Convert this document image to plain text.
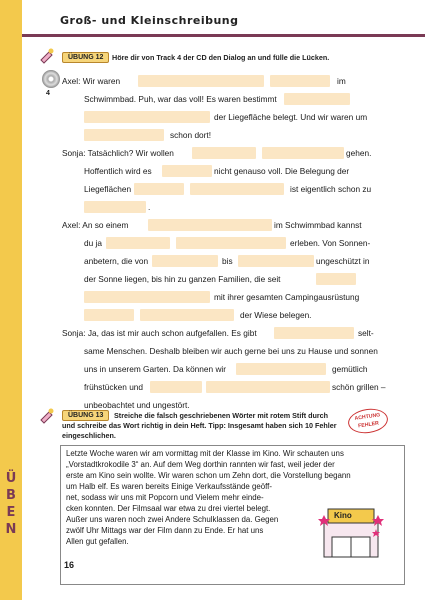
Ü
B
E
N
Groß- und Kleinschreibung
ÜBUNG 12	Höre dir von Track 4 der CD den Dialog an und fülle die Lücken.
4
Axel: Wir waren	im
Schwimmbad. Puh, war das voll! Es waren bestimmt
der Liegefläche belegt. Und wir waren um
schon dort!
Sonja: Tatsächlich? Wir wollen	gehen.
Hoffentlich wird es	nicht genauso voll. Die Belegung der
Liegeflächen	ist eigentlich schon zu
.
Axel: An so einem	im Schwimmbad kannst
du ja	erleben. Von Sonnen-
anbetern, die von	bis	ungeschützt in
der Sonne liegen, bis hin zu ganzen Familien, die seit
mit ihrer gesamten Campingausrüstung
der Wiese belegen.
Sonja: Ja, das ist mir auch schon aufgefallen. Es gibt	selt-
same Menschen. Deshalb bleiben wir auch gerne bei uns zu Hause und sonnen
uns in unserem Garten. Da können wir	gemütlich
frühstücken und	schön grillen –
unbeobachtet und ungestört.
ÜBUNG 13	Streiche die falsch geschriebenen Wörter mit rotem Stift durch
und schreibe das Wort richtig in dein Heft. Tipp: Insgesamt haben sich 10 Fehler
eingeschlichen.
ACHTUNG FEHLER
Letzte Woche waren wir am vormittag mit der Klasse im Kino. Wir schauten uns
„Vorstadtkrokodile 3“ an. Auf dem Weg dorthin rannten wir fast, weil jeder der
erste am Kino sein wollte. Wir waren schon um Zehn dort, die Vorstellung begann
um Halb elf. Es waren bereits Einige Verkaufsstände geöff-
net, sodass wir uns mit Popcorn und Vielem mehr einde-
cken konnten. Der Filmsaal war etwa zu drei viertel belegt.
Außer uns waren noch zwei Andere Schulklassen da. Gegen
zwölf Uhr Mittags war der Film dann zu Ende. Er hat uns
Allen gut gefallen.
Kino
16
